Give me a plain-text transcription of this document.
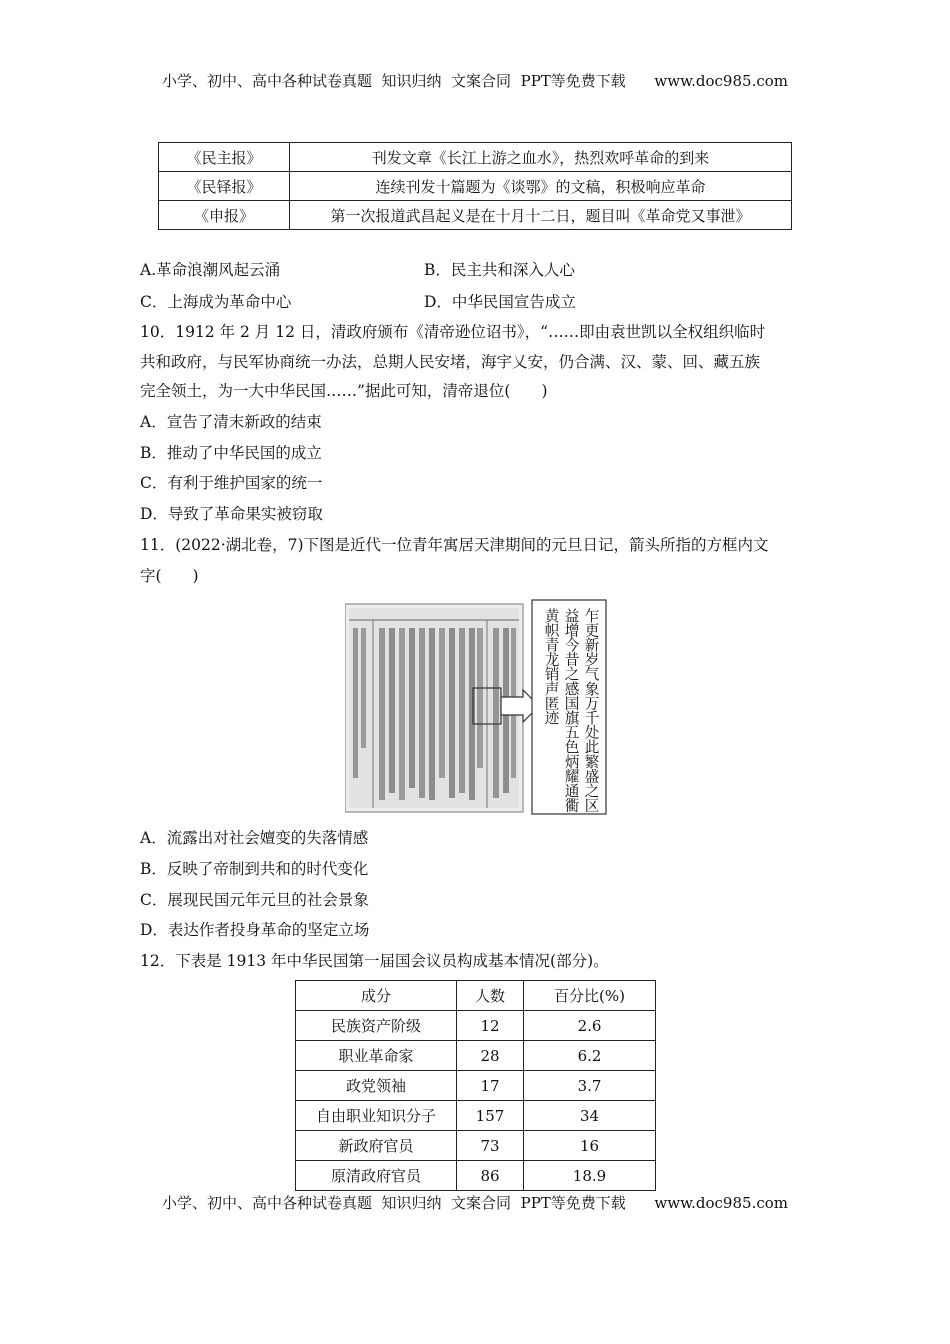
小学、初中、高中各种试卷真题  知识归纳  文案合同  PPT等免费下载      www.doc985.com
《民主报》	刊发文章《长江上游之血水》，热烈欢呼革命的到来
《民铎报》	连续刊发十篇题为《谈鄂》的文稿，积极响应革命
《申报》	第一次报道武昌起义是在十月十二日，题目叫《革命党又事泄》
A.革命浪潮风起云涌	B．民主共和深入人心
C．上海成为革命中心	D．中华民国宣告成立
10．1912 年 2 月 12 日，清政府颁布《清帝逊位诏书》，“……即由袁世凯以全权组织临时
共和政府，与民军协商统一办法，总期人民安堵，海宇乂安，仍合满、汉、蒙、回、藏五族
完全领土，为一大中华民国……”据此可知，清帝退位(　　)
A．宣告了清末新政的结束
B．推动了中华民国的成立
C．有利于维护国家的统一
D．导致了革命果实被窃取
11．(2022·湖北卷，7)下图是近代一位青年寓居天津期间的元旦日记，箭头所指的方框内文
字(　　)
乍更新岁气象万千处此繁盛之区
益增今昔之感国旗五色炳耀通衢
黄帜青龙销声匿迹
A．流露出对社会嬗变的失落情感
B．反映了帝制到共和的时代变化
C．展现民国元年元旦的社会景象
D．表达作者投身革命的坚定立场
12．下表是 1913 年中华民国第一届国会议员构成基本情况(部分)。
成分	人数	百分比(%)
民族资产阶级	12	2.6
职业革命家	28	6.2
政党领袖	17	3.7
自由职业知识分子	157	34
新政府官员	73	16
原清政府官员	86	18.9
小学、初中、高中各种试卷真题  知识归纳  文案合同  PPT等免费下载      www.doc985.com
